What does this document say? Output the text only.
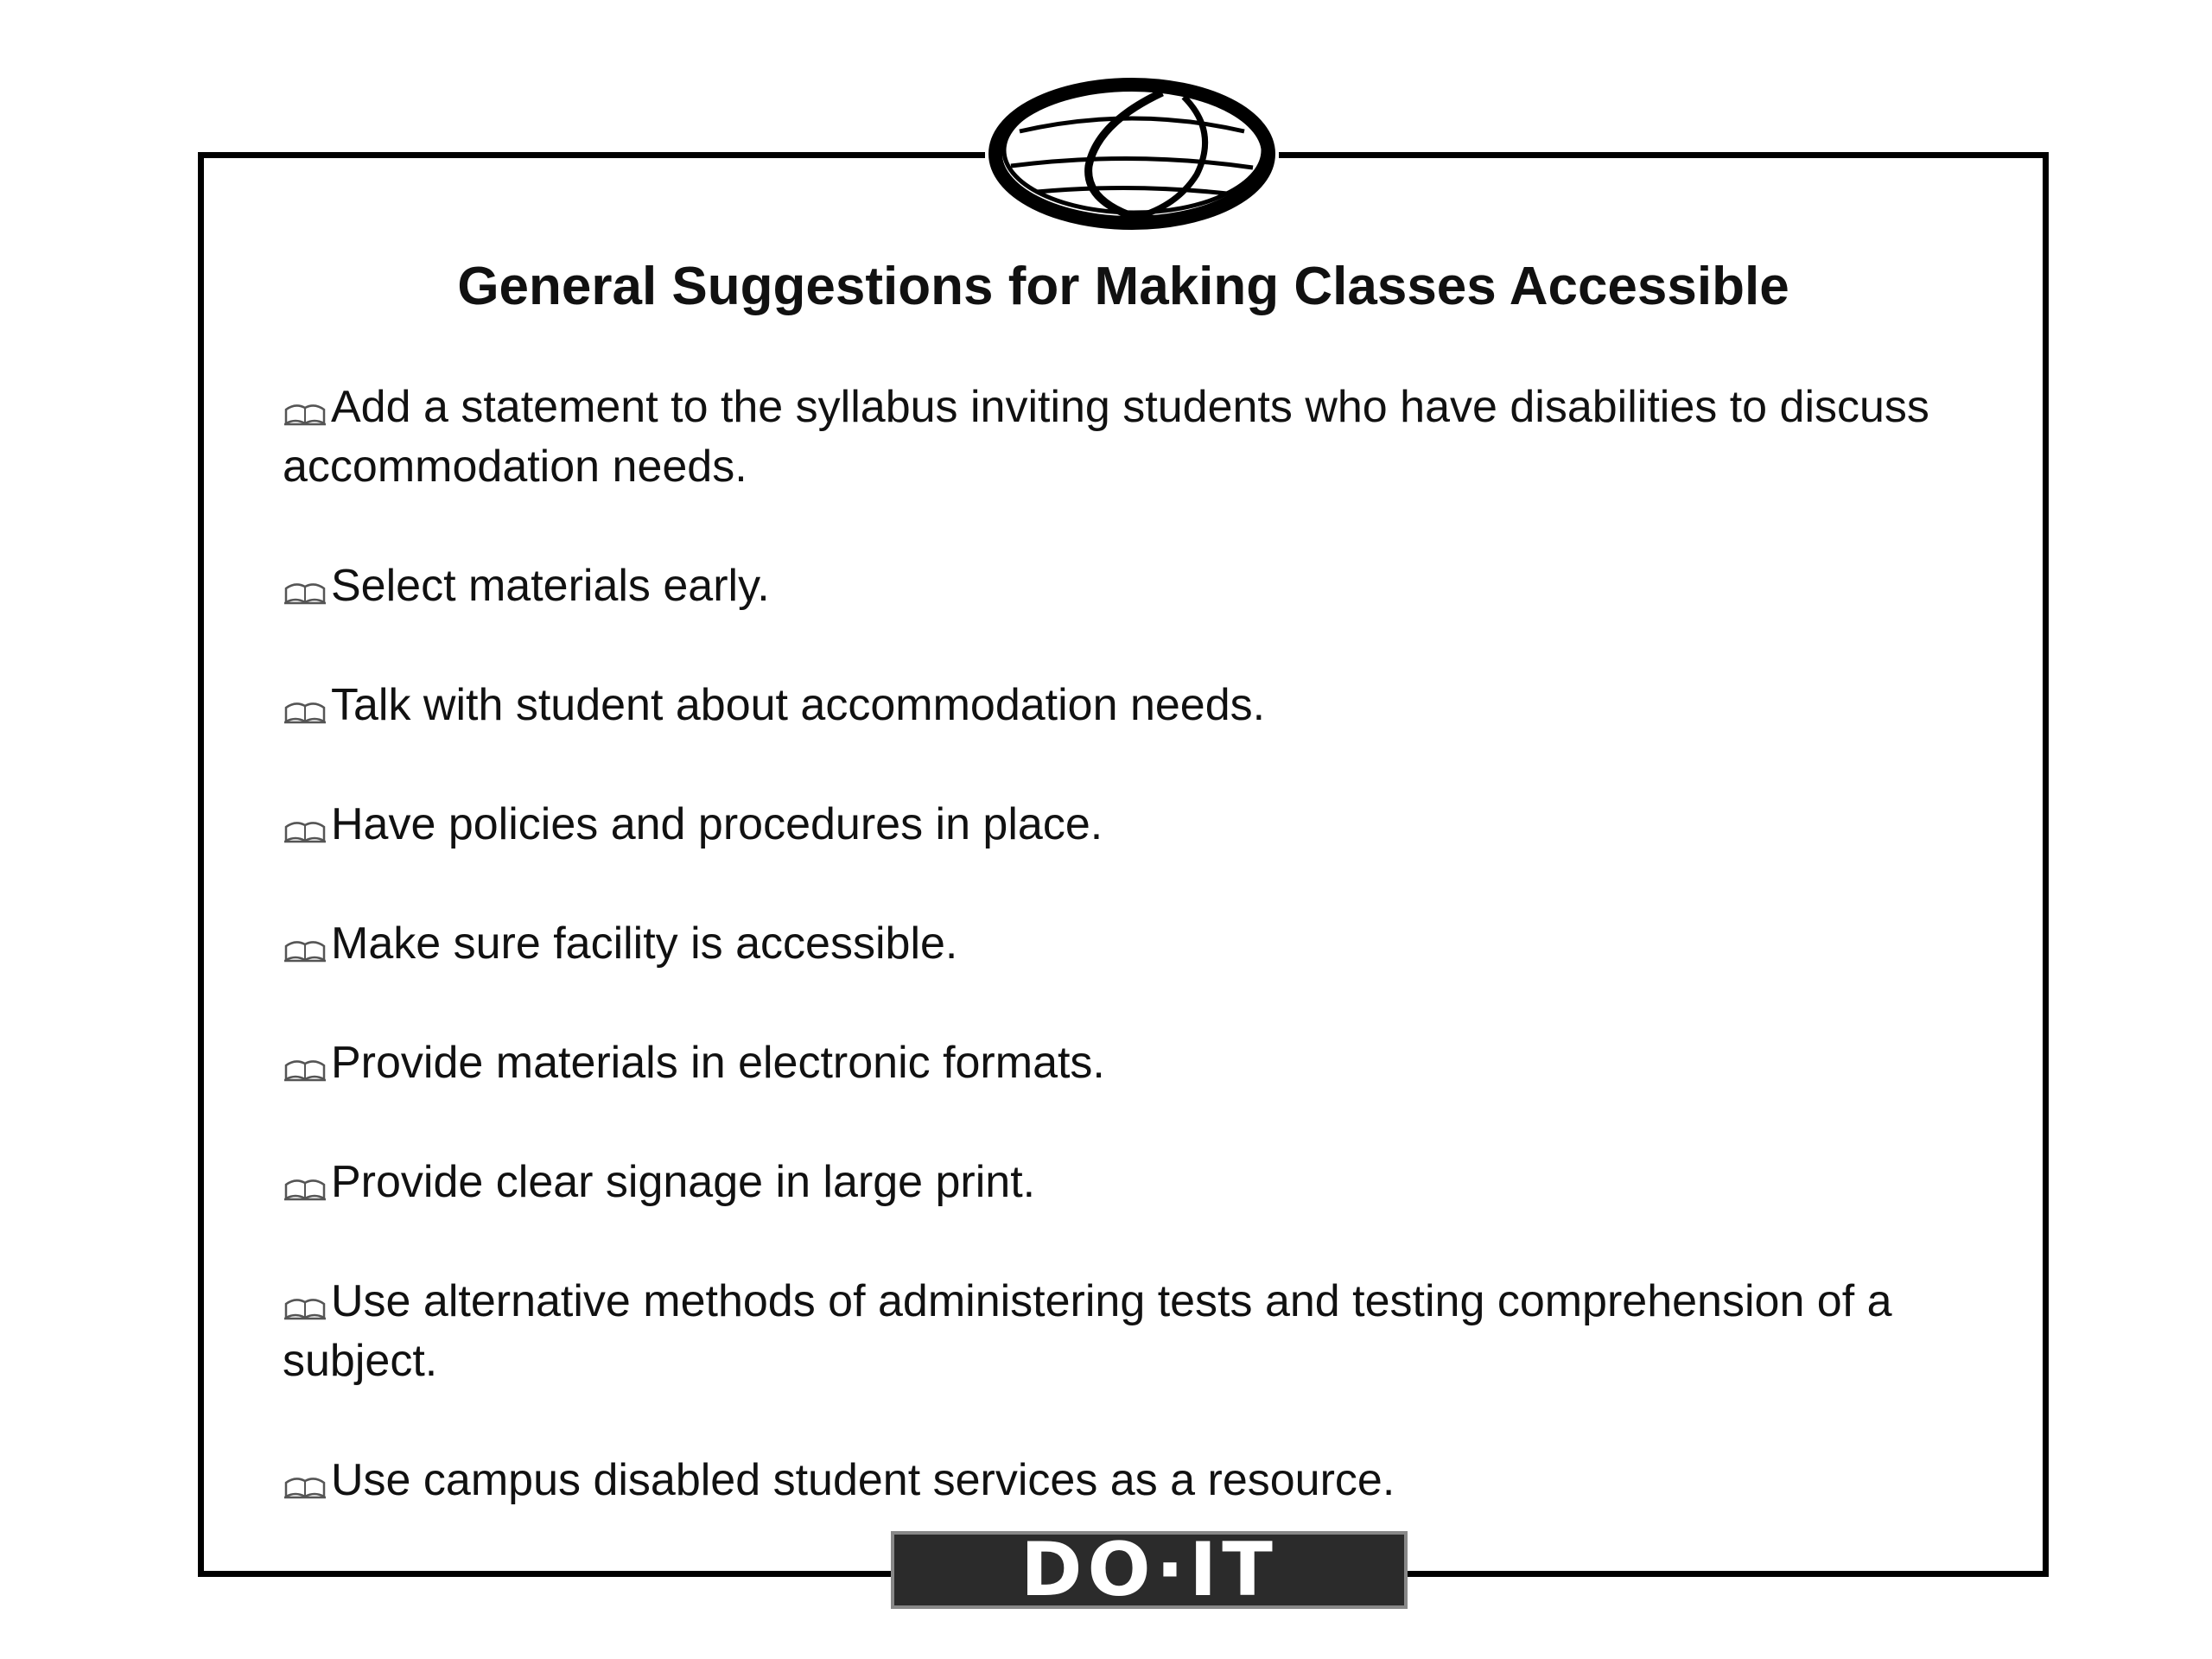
General Suggestions for Making Classes Accessible
Add a statement to the syllabus inviting students who have disabilities to discuss accommodation needs.
Select materials early.
Talk with student about accommodation needs.
Have policies and procedures in place.
Make sure facility is accessible.
Provide materials in electronic formats.
Provide clear signage in large print.
Use alternative methods of administering tests and testing comprehension of a subject.
Use campus disabled student services as a resource.
DO·IT
